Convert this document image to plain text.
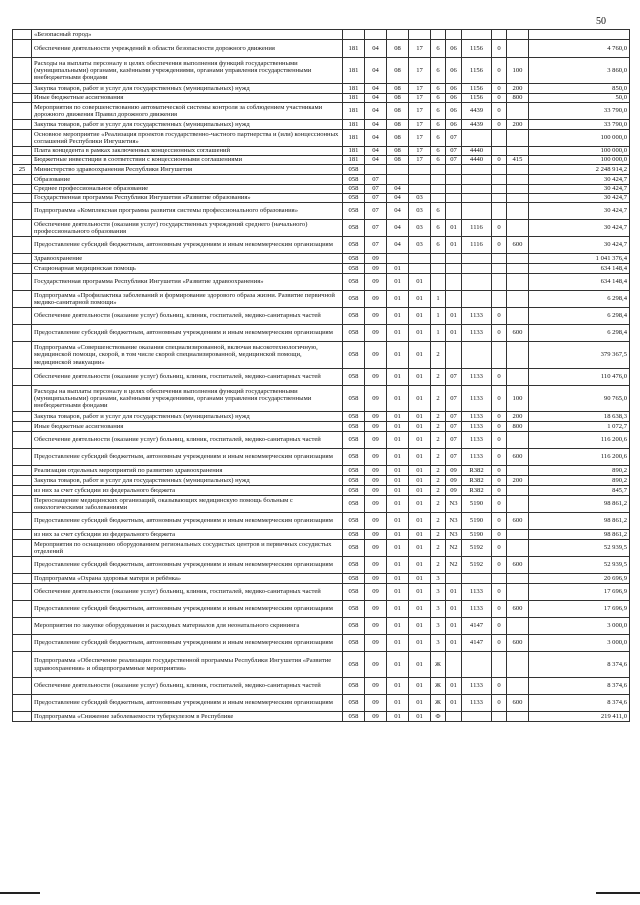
50
	«Безопасный город»										
	Обеспечение деятельности учреждений в области безопасности дорожного движения	181	04	08	17	6	06	1156	0		4 760,0
	Расходы на выплаты персоналу в целях обеспечения выполнения функций государственными (муниципальными) органами, казёнными учреждениями, органами управления государственными внебюджетными фондами	181	04	08	17	6	06	1156	0	100	3 860,0
	Закупка товаров, работ и услуг для государственных (муниципальных) нужд	181	04	08	17	6	06	1156	0	200	850,0
	Иные бюджетные ассигнования	181	04	08	17	6	06	1156	0	800	50,0
	Мероприятия по совершенствованию автоматической системы контроля за соблюдением участниками дорожного движения Правил дорожного движения	181	04	08	17	6	06	4439	0		33 790,0
	Закупка товаров, работ и услуг для государственных (муниципальных) нужд	181	04	08	17	6	06	4439	0	200	33 790,0
	Основное мероприятие «Реализация проектов государственно-частного партнерства и (или) концессионных соглашений Республики Ингушетия»	181	04	08	17	6	07				100 000,0
	Плата концедента в рамках заключенных концессионных соглашений	181	04	08	17	6	07	4440			100 000,0
	Бюджетные инвестиции в соответствии с концессионными соглашениями	181	04	08	17	6	07	4440	0	415	100 000,0
25	Министерство здравоохранения Республики Ингушетия	058									2 248 914,2
	Образование	058	07								30 424,7
	Среднее профессиональное образование	058	07	04							30 424,7
	Государственная программа Республики Ингушетия «Развитие образования»	058	07	04	03						30 424,7
	Подпрограмма «Комплексная программа развития системы профессионального образования»	058	07	04	03	6					30 424,7
	Обеспечение деятельности (оказания услуг) государственных учреждений среднего (начального) профессионального образования	058	07	04	03	6	01	1116	0		30 424,7
	Предоставление субсидий бюджетным, автономным учреждениям и иным некоммерческим организациям	058	07	04	03	6	01	1116	0	600	30 424,7
	Здравоохранение	058	09								1 041 376,4
	Стационарная медицинская помощь	058	09	01							634 148,4
	Государственная программа Республики Ингушетия «Развитие здравоохранения»	058	09	01	01						634 148,4
	Подпрограмма «Профилактика заболеваний и формирование здорового образа жизни. Развитие первичной медико-санитарной помощи»	058	09	01	01	1					6 298,4
	Обеспечение деятельности (оказание услуг) больниц, клиник, госпиталей, медико-санитарных частей	058	09	01	01	1	01	1133	0		6 298,4
	Предоставление субсидий бюджетным, автономным учреждениям и иным некоммерческим организациям	058	09	01	01	1	01	1133	0	600	6 298,4
	Подпрограмма «Совершенствование оказания специализированной, включая высокотехнологичную, медицинской помощи, скорой, в том числе скорой специализированной, медицинской помощи, медицинской эвакуации»	058	09	01	01	2					379 367,5
	Обеспечение деятельности (оказание услуг) больниц, клиник, госпиталей, медико-санитарных частей	058	09	01	01	2	07	1133	0		110 476,0
	Расходы на выплаты персоналу в целях обеспечения выполнения функций государственными (муниципальными) органами, казёнными учреждениями, органами управления государственными внебюджетными фондами	058	09	01	01	2	07	1133	0	100	90 765,0
	Закупка товаров, работ и услуг для государственных (муниципальных) нужд	058	09	01	01	2	07	1133	0	200	18 638,3
	Иные бюджетные ассигнования	058	09	01	01	2	07	1133	0	800	1 072,7
	Обеспечение деятельности (оказание услуг) больниц, клиник, госпиталей, медико-санитарных частей	058	09	01	01	2	07	1133	0		116 200,6
	Предоставление субсидий бюджетным, автономным учреждениям и иным некоммерческим организациям	058	09	01	01	2	07	1133	0	600	116 200,6
	Реализация отдельных мероприятий по развитию здравоохранения	058	09	01	01	2	09	R382	0		890,2
	Закупка товаров, работ и услуг для государственных (муниципальных) нужд	058	09	01	01	2	09	R382	0	200	890,2
	из них за счет субсидии из федерального бюджета	058	09	01	01	2	09	R382	0		845,7
	Переоснащение медицинских организаций, оказывающих медицинскую помощь больным с онкологическими заболеваниями	058	09	01	01	2	N3	5190	0		98 861,2
	Предоставление субсидий бюджетным, автономным учреждениям и иным некоммерческим организациям	058	09	01	01	2	N3	5190	0	600	98 861,2
	из них за счет субсидии из федерального бюджета	058	09	01	01	2	N3	5190	0		98 861,2
	Мероприятия по оснащению оборудованием региональных сосудистых центров и первичных сосудистых отделений	058	09	01	01	2	N2	5192	0		52 939,5
	Предоставление субсидий бюджетным, автономным учреждениям и иным некоммерческим организациям	058	09	01	01	2	N2	5192	0	600	52 939,5
	Подпрограмма «Охрана здоровья матери и ребёнка»	058	09	01	01	3					20 696,9
	Обеспечение деятельности (оказание услуг) больниц, клиник, госпиталей, медико-санитарных частей	058	09	01	01	3	01	1133	0		17 696,9
	Предоставление субсидий бюджетным, автономным учреждениям и иным некоммерческим организациям	058	09	01	01	3	01	1133	0	600	17 696,9
	Мероприятия по закупке оборудования и расходных материалов для неонатального скрининга	058	09	01	01	3	01	4147	0		3 000,0
	Предоставление субсидий бюджетным, автономным учреждениям и иным некоммерческим организациям	058	09	01	01	3	01	4147	0	600	3 000,0
	Подпрограмма «Обеспечение реализации государственной программы Республики Ингушетия «Развитие здравоохранения» и общепрограммные мероприятия»	058	09	01	01	Ж					8 374,6
	Обеспечение деятельности (оказание услуг) больниц, клиник, госпиталей, медико-санитарных частей	058	09	01	01	Ж	01	1133	0		8 374,6
	Предоставление субсидий бюджетным, автономным учреждениям и иным некоммерческим организациям	058	09	01	01	Ж	01	1133	0	600	8 374,6
	Подпрограмма «Снижение заболеваемости туберкулезом в Республике	058	09	01	01	Ф					219 411,0
